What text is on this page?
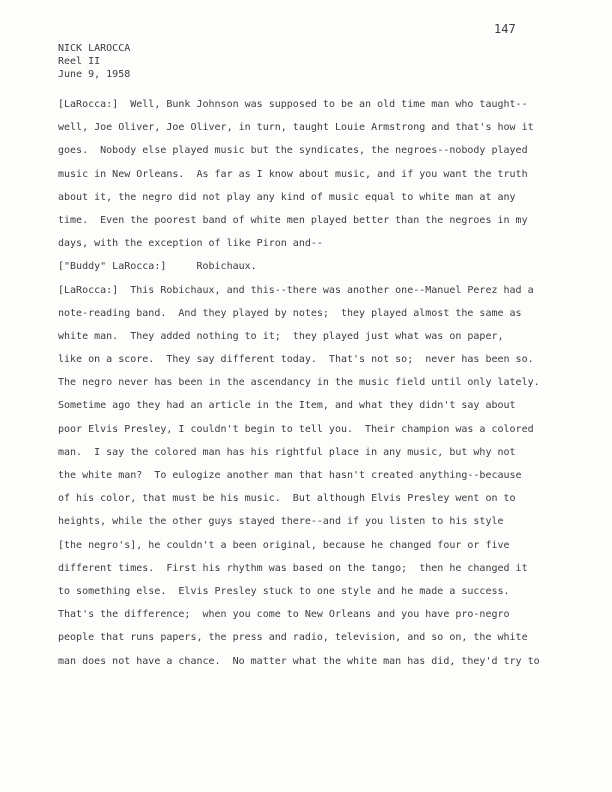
147
NICK LAROCCA
Reel II
June 9, 1958
[LaRocca:]  Well, Bunk Johnson was supposed to be an old time man who taught--
well, Joe Oliver, Joe Oliver, in turn, taught Louie Armstrong and that's how it
goes.  Nobody else played music but the syndicates, the negroes--nobody played
music in New Orleans.  As far as I know about music, and if you want the truth
about it, the negro did not play any kind of music equal to white man at any
time.  Even the poorest band of white men played better than the negroes in my
days, with the exception of like Piron and--
["Buddy" LaRocca:]     Robichaux.
[LaRocca:]  This Robichaux, and this--there was another one--Manuel Perez had a
note-reading band.  And they played by notes;  they played almost the same as
white man.  They added nothing to it;  they played just what was on paper,
like on a score.  They say different today.  That's not so;  never has been so.
The negro never has been in the ascendancy in the music field until only lately.
Sometime ago they had an article in the Item, and what they didn't say about
poor Elvis Presley, I couldn't begin to tell you.  Their champion was a colored
man.  I say the colored man has his rightful place in any music, but why not
the white man?  To eulogize another man that hasn't created anything--because
of his color, that must be his music.  But although Elvis Presley went on to
heights, while the other guys stayed there--and if you listen to his style
[the negro's], he couldn't a been original, because he changed four or five
different times.  First his rhythm was based on the tango;  then he changed it
to something else.  Elvis Presley stuck to one style and he made a success.
That's the difference;  when you come to New Orleans and you have pro-negro
people that runs papers, the press and radio, television, and so on, the white
man does not have a chance.  No matter what the white man has did, they'd try to
